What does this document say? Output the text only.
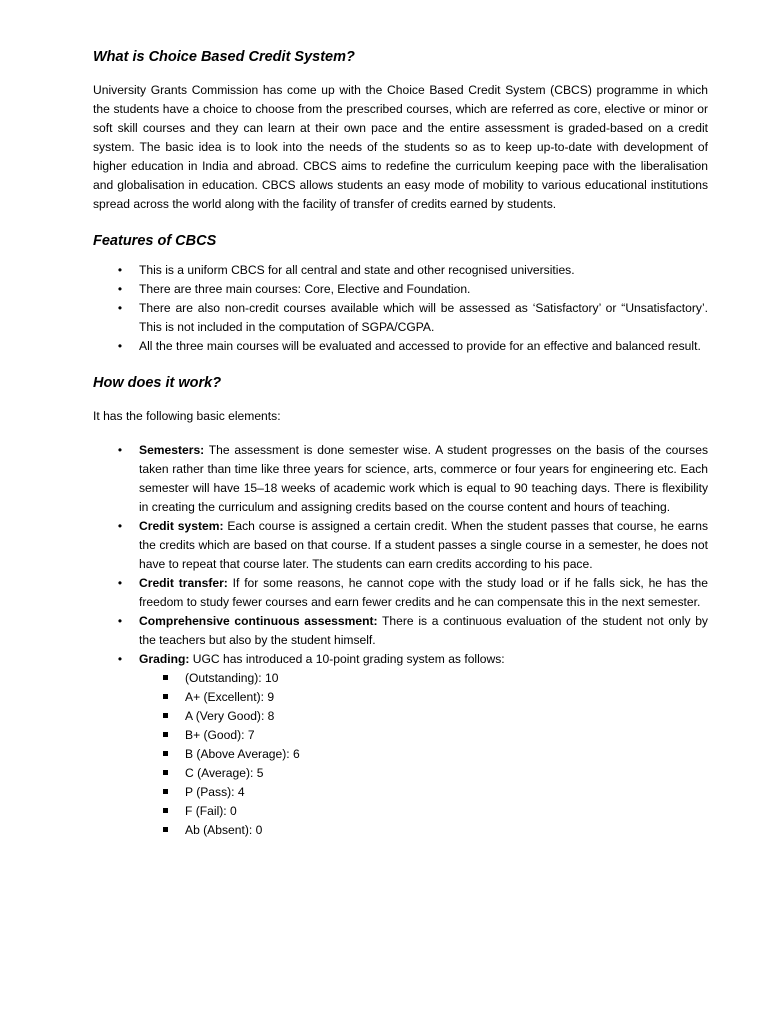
What is Choice Based Credit System?

University Grants Commission has come up with the Choice Based Credit System (CBCS) programme in which the students have a choice to choose from the prescribed courses, which are referred as core, elective or minor or soft skill courses and they can learn at their own pace and the entire assessment is graded-based on a credit system. The basic idea is to look into the needs of the students so as to keep up-to-date with development of higher education in India and abroad. CBCS aims to redefine the curriculum keeping pace with the liberalisation and globalisation in education. CBCS allows students an easy mode of mobility to various educational institutions spread across the world along with the facility of transfer of credits earned by students.

Features of CBCS
• This is a uniform CBCS for all central and state and other recognised universities.
• There are three main courses: Core, Elective and Foundation.
• There are also non-credit courses available which will be assessed as ‘Satisfactory’ or “Unsatisfactory’. This is not included in the computation of SGPA/CGPA.
• All the three main courses will be evaluated and accessed to provide for an effective and balanced result.
How does it work?

It has the following basic elements:

• Semesters: The assessment is done semester wise. A student progresses on the basis of the courses taken rather than time like three years for science, arts, commerce or four years for engineering etc. Each semester will have 15–18 weeks of academic work which is equal to 90 teaching days. There is flexibility in creating the curriculum and assigning credits based on the course content and hours of teaching.
• Credit system: Each course is assigned a certain credit. When the student passes that course, he earns the credits which are based on that course. If a student passes a single course in a semester, he does not have to repeat that course later. The students can earn credits according to his pace.
• Credit transfer: If for some reasons, he cannot cope with the study load or if he falls sick, he has the freedom to study fewer courses and earn fewer credits and he can compensate this in the next semester.
• Comprehensive continuous assessment: There is a continuous evaluation of the student not only by the teachers but also by the student himself.
• Grading: UGC has introduced a 10-point grading system as follows:
(Outstanding): 10
A+ (Excellent): 9
A (Very Good): 8
B+ (Good): 7
B (Above Average): 6
C (Average): 5
P (Pass): 4
F (Fail): 0
Ab (Absent): 0
